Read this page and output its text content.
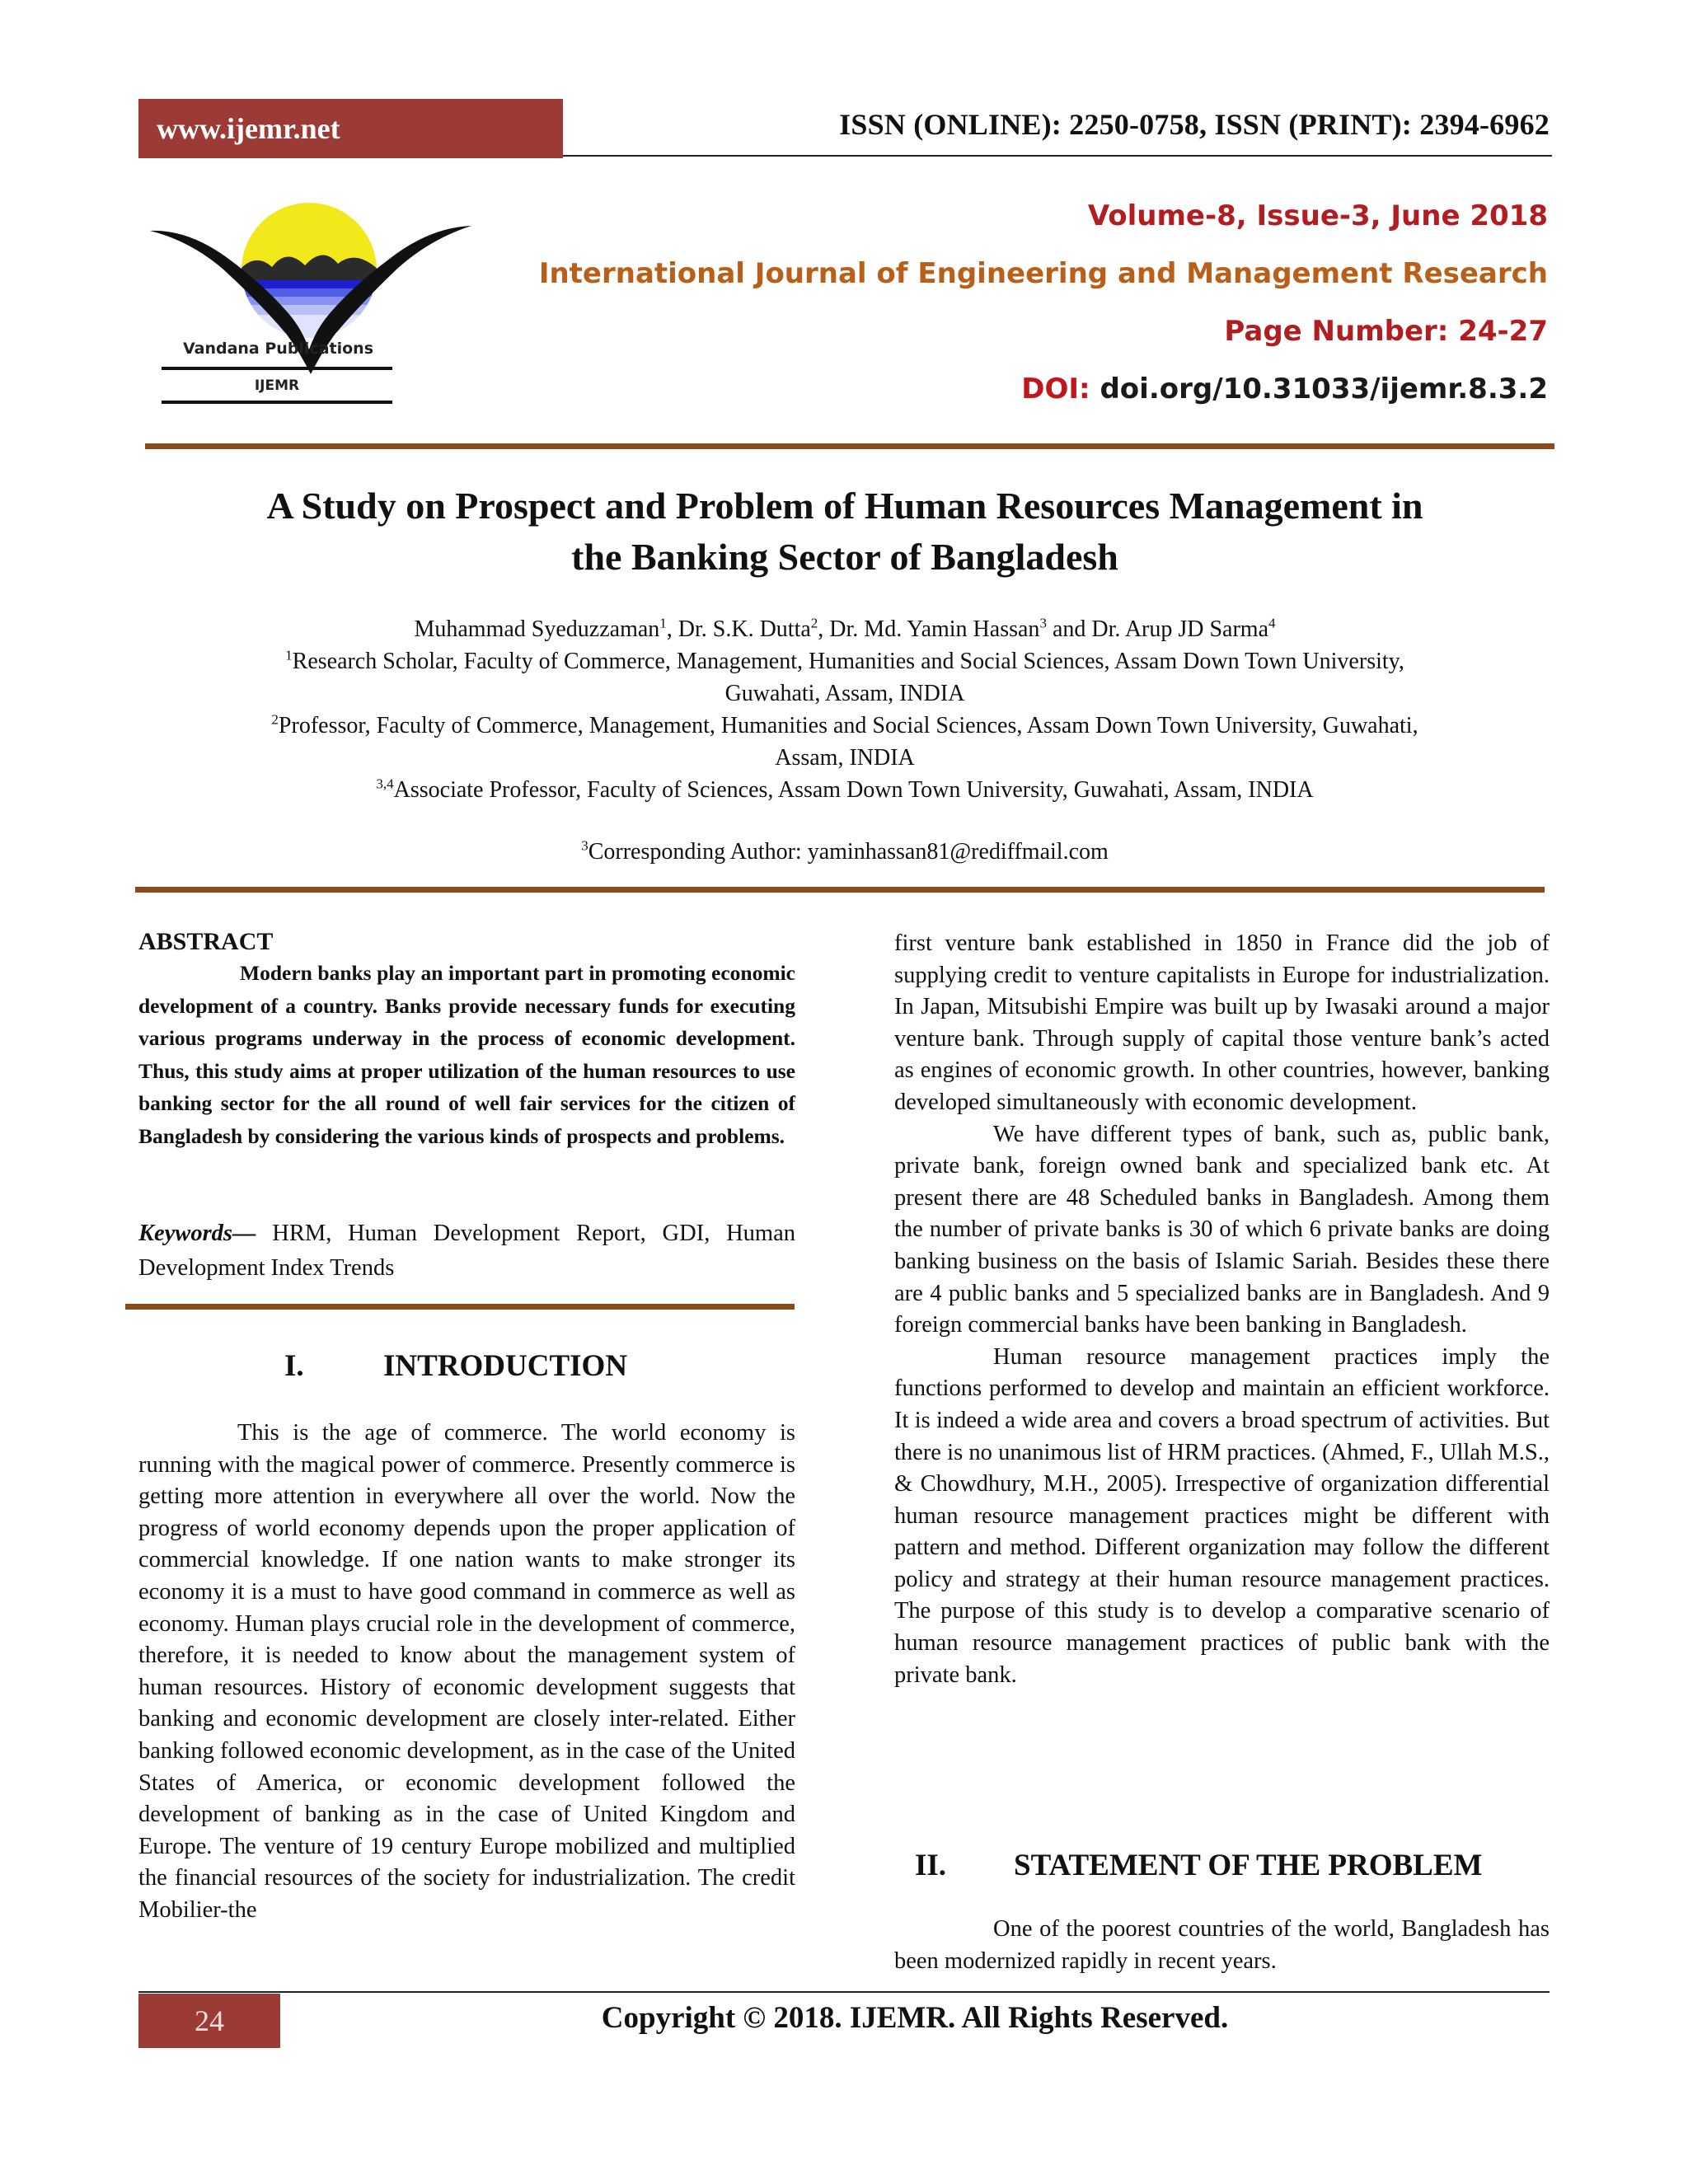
www.ijemr.net	ISSN (ONLINE): 2250-0758, ISSN (PRINT): 2394-6962
Vandana Publications
IJEMR
Volume-8, Issue-3, June 2018
International Journal of Engineering and Management Research
Page Number: 24-27
DOI: doi.org/10.31033/ijemr.8.3.2
A Study on Prospect and Problem of Human Resources Management in
the Banking Sector of Bangladesh
Muhammad Syeduzzaman$^1$, Dr. S.K. Dutta$^2$, Dr. Md. Yamin Hassan$^3$ and Dr. Arup JD Sarma$^4$
$^1$Research Scholar, Faculty of Commerce, Management, Humanities and Social Sciences, Assam Down Town University,
Guwahati, Assam, INDIA
$^2$Professor, Faculty of Commerce, Management, Humanities and Social Sciences, Assam Down Town University, Guwahati,
Assam, INDIA
$^{3,4}$Associate Professor, Faculty of Sciences, Assam Down Town University, Guwahati, Assam, INDIA
$^3$Corresponding Author: yaminhassan81@rediffmail.com
ABSTRACT

Modern banks play an important part in promoting economic development of a country. Banks provide necessary funds for executing various programs underway in the process of economic development. Thus, this study aims at proper utilization of the human resources to use banking sector for the all round of well fair services for the citizen of Bangladesh by considering the various kinds of prospects and problems.

Keywords— HRM, Human Development Report, GDI, Human Development Index Trends
I.	INTRODUCTION

This is the age of commerce. The world economy is running with the magical power of commerce. Presently commerce is getting more attention in everywhere all over the world. Now the progress of world economy depends upon the proper application of commercial knowledge. If one nation wants to make stronger its economy it is a must to have good command in commerce as well as economy. Human plays crucial role in the development of commerce, therefore, it is needed to know about the management system of human resources. History of economic development suggests that banking and economic development are closely inter-related. Either banking followed economic development, as in the case of the United States of America, or economic development followed the development of banking as in the case of United Kingdom and Europe. The venture of 19 century Europe mobilized and multiplied the financial resources of the society for industrialization. The credit Mobilier-the

first venture bank established in 1850 in France did the job of supplying credit to venture capitalists in Europe for industrialization. In Japan, Mitsubishi Empire was built up by Iwasaki around a major venture bank. Through supply of capital those venture bank’s acted as engines of economic growth. In other countries, however, banking developed simultaneously with economic development.

We have different types of bank, such as, public bank, private bank, foreign owned bank and specialized bank etc. At present there are 48 Scheduled banks in Bangladesh. Among them the number of private banks is 30 of which 6 private banks are doing banking business on the basis of Islamic Sariah. Besides these there are 4 public banks and 5 specialized banks are in Bangladesh. And 9 foreign commercial banks have been banking in Bangladesh.

Human resource management practices imply the functions performed to develop and maintain an efficient workforce. It is indeed a wide area and covers a broad spectrum of activities. But there is no unanimous list of HRM practices. (Ahmed, F., Ullah M.S., & Chowdhury, M.H., 2005). Irrespective of organization differential human resource management practices might be different with pattern and method. Different organization may follow the different policy and strategy at their human resource management practices. The purpose of this study is to develop a comparative scenario of human resource management practices of public bank with the private bank.

II. STATEMENT OF THE PROBLEM

One of the poorest countries of the world, Bangladesh has been modernized rapidly in recent years.

24	Copyright © 2018. IJEMR. All Rights Reserved.
